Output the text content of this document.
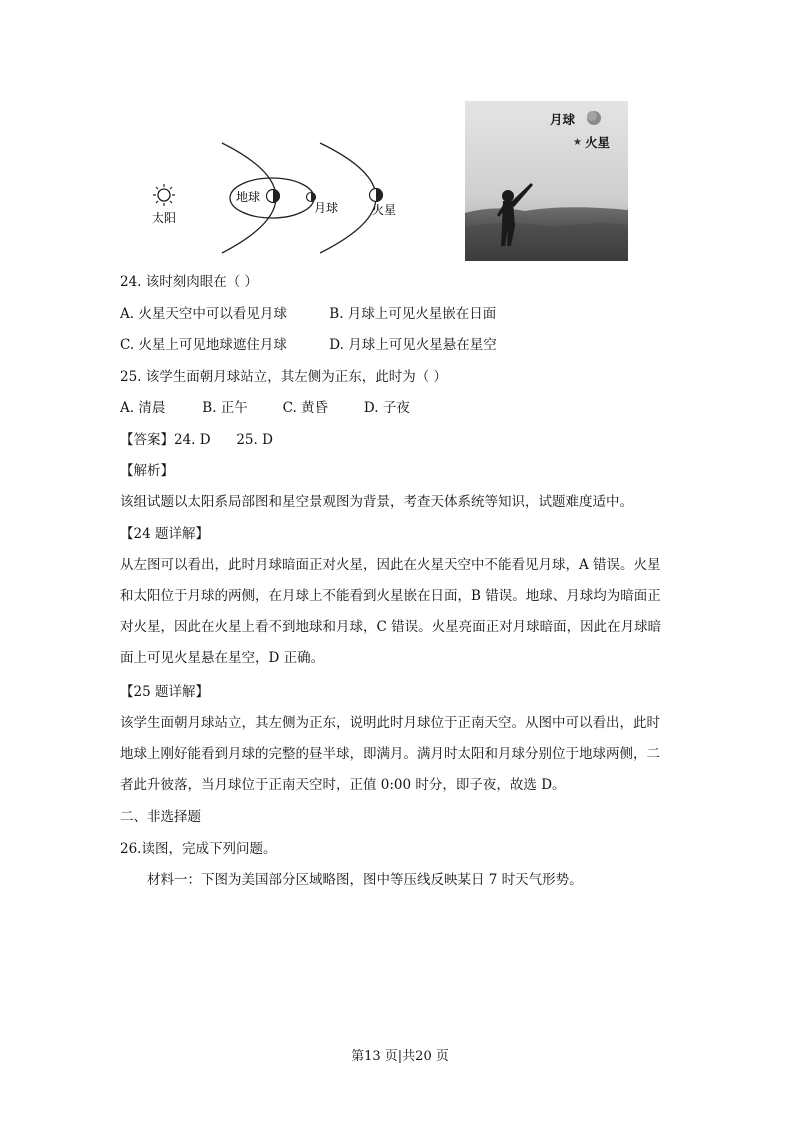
太阳
地球
月球	火星
★
月球
火星
24. 该时刻肉眼在（ ）
A. 火星天空中可以看见月球	B. 月球上可见火星嵌在日面
C. 火星上可见地球遮住月球	D. 月球上可见火星悬在星空
25. 该学生面朝月球站立，其左侧为正东，此时为（ ）
A. 清晨	B. 正午	C. 黄昏	D. 子夜
【答案】24. D      25. D
【解析】
该组试题以太阳系局部图和星空景观图为背景，考查天体系统等知识，试题难度适中。
【24 题详解】
从左图可以看出，此时月球暗面正对火星，因此在火星天空中不能看见月球，A 错误。火星和太阳位于月球的两侧，在月球上不能看到火星嵌在日面，B 错误。地球、月球均为暗面正对火星，因此在火星上看不到地球和月球，C 错误。火星亮面正对月球暗面，因此在月球暗面上可见火星悬在星空，D 正确。
【25 题详解】
该学生面朝月球站立，其左侧为正东，说明此时月球位于正南天空。从图中可以看出，此时地球上刚好能看到月球的完整的昼半球，即满月。满月时太阳和月球分别位于地球两侧，二者此升彼落，当月球位于正南天空时，正值 0:00 时分，即子夜，故选 D。
二、非选择题
26.读图，完成下列问题。
材料一：下图为美国部分区域略图，图中等压线反映某日 7 时天气形势。
第13 页|共20 页
